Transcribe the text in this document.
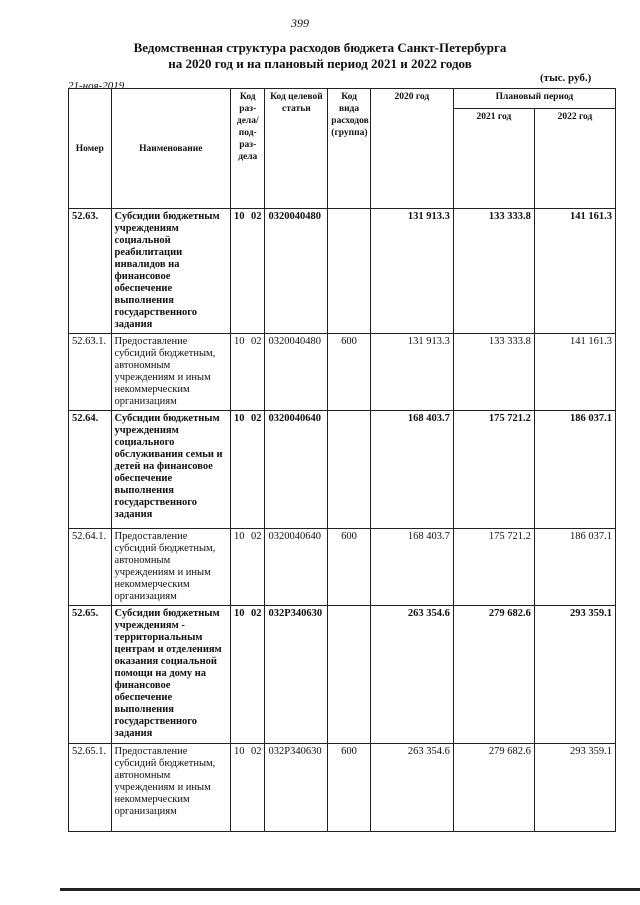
399
Ведомственная структура расходов бюджета Санкт-Петербурга
на 2020 год и на плановый период 2021 и 2022 годов
21-ноя-2019
(тыс. руб.)
Номер	Наименование	Код раз-дела/ под-раз-дела	Код целевой статьи	Код вида расходов (группа)	2020 год	Плановый период	
						2021 год	2022 год
52.63.	Субсидии бюджетным учреждениям социальной реабилитации инвалидов на финансовое обеспечение выполнения государственного задания	10 02	0320040480		131 913.3	133 333.8	141 161.3
52.63.1.	Предоставление субсидий бюджетным, автономным учреждениям и иным некоммерческим организациям	10 02	0320040480	600	131 913.3	133 333.8	141 161.3
52.64.	Субсидии бюджетным учреждениям социального обслуживания семьи и детей на финансовое обеспечение выполнения государственного задания	10 02	0320040640		168 403.7	175 721.2	186 037.1
52.64.1.	Предоставление субсидий бюджетным, автономным учреждениям и иным некоммерческим организациям	10 02	0320040640	600	168 403.7	175 721.2	186 037.1
52.65.	Субсидии бюджетным учреждениям - территориальным центрам и отделениям оказания социальной помощи на дому на финансовое обеспечение выполнения государственного задания	10 02	032Р340630		263 354.6	279 682.6	293 359.1
52.65.1.	Предоставление субсидий бюджетным, автономным учреждениям и иным некоммерческим организациям	10 02	032Р340630	600	263 354.6	279 682.6	293 359.1
